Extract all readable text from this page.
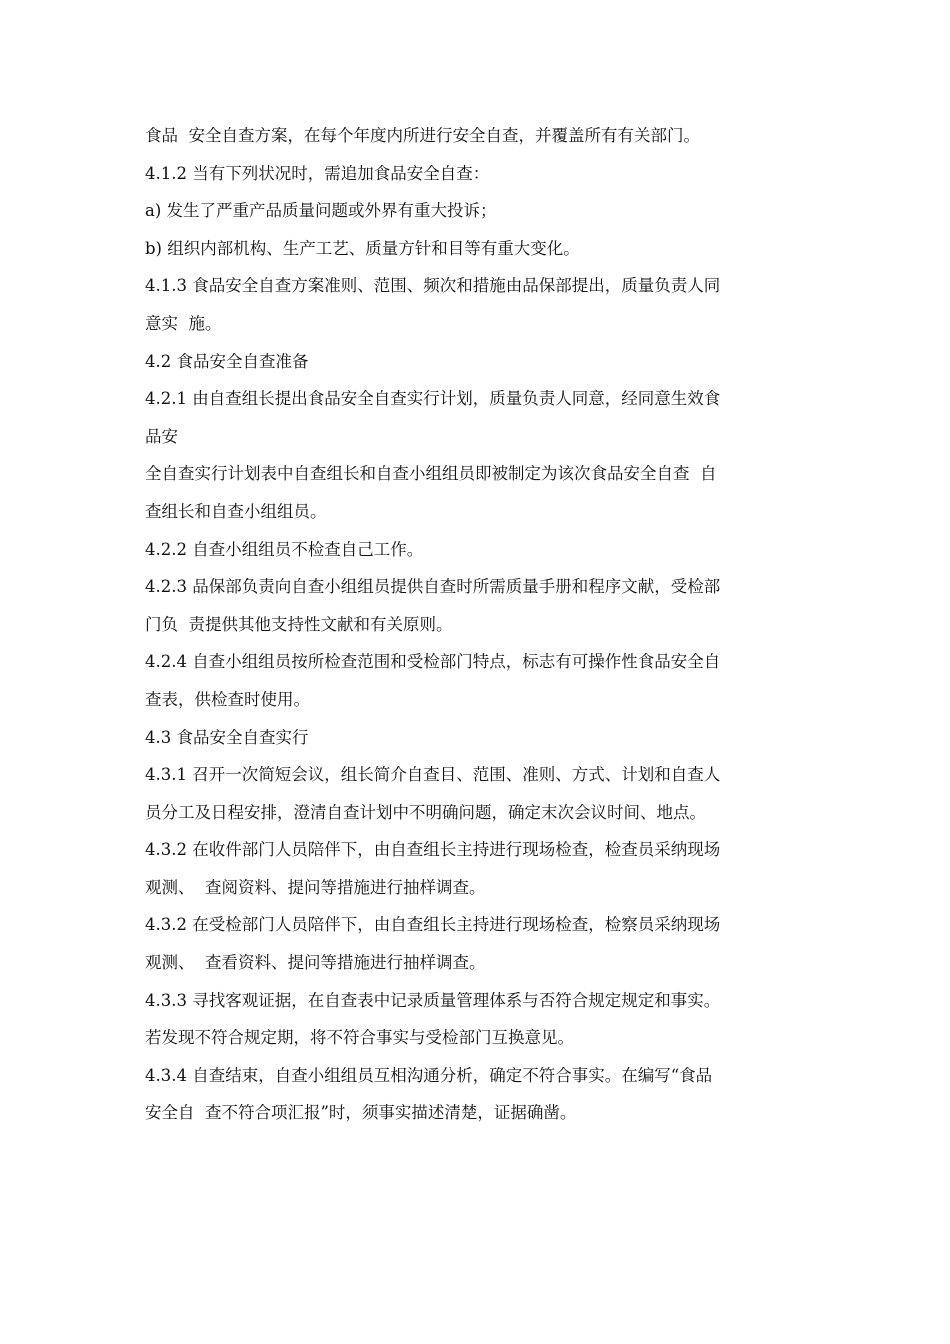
食品  安全自查方案，在每个年度内所进行安全自查，并覆盖所有有关部门。
4.1.2 当有下列状况时，需追加食品安全自查：
a) 发生了严重产品质量问题或外界有重大投诉；
b) 组织内部机构、生产工艺、质量方针和目等有重大变化。
4.1.3 食品安全自查方案准则、范围、频次和措施由品保部提出，质量负责人同
意实  施。
4.2 食品安全自查准备
4.2.1 由自查组长提出食品安全自查实行计划，质量负责人同意，经同意生效食
品安
全自查实行计划表中自查组长和自查小组组员即被制定为该次食品安全自查  自
查组长和自查小组组员。
4.2.2 自查小组组员不检查自己工作。
4.2.3 品保部负责向自查小组组员提供自查时所需质量手册和程序文献，受检部
门负  责提供其他支持性文献和有关原则。
4.2.4 自查小组组员按所检查范围和受检部门特点，标志有可操作性食品安全自
查表，供检查时使用。
4.3 食品安全自查实行
4.3.1 召开一次简短会议，组长简介自查目、范围、准则、方式、计划和自查人
员分工及日程安排，澄清自查计划中不明确问题，确定末次会议时间、地点。
4.3.2 在收件部门人员陪伴下，由自查组长主持进行现场检查，检查员采纳现场
观测、  查阅资料、提问等措施进行抽样调查。
4.3.2 在受检部门人员陪伴下，由自查组长主持进行现场检查，检察员采纳现场
观测、  查看资料、提问等措施进行抽样调查。
4.3.3 寻找客观证据，在自查表中记录质量管理体系与否符合规定规定和事实。
若发现不符合规定期，将不符合事实与受检部门互换意见。
4.3.4 自查结束，自查小组组员互相沟通分析，确定不符合事实。在编写“食品
安全自  查不符合项汇报”时，须事实描述清楚，证据确凿。
